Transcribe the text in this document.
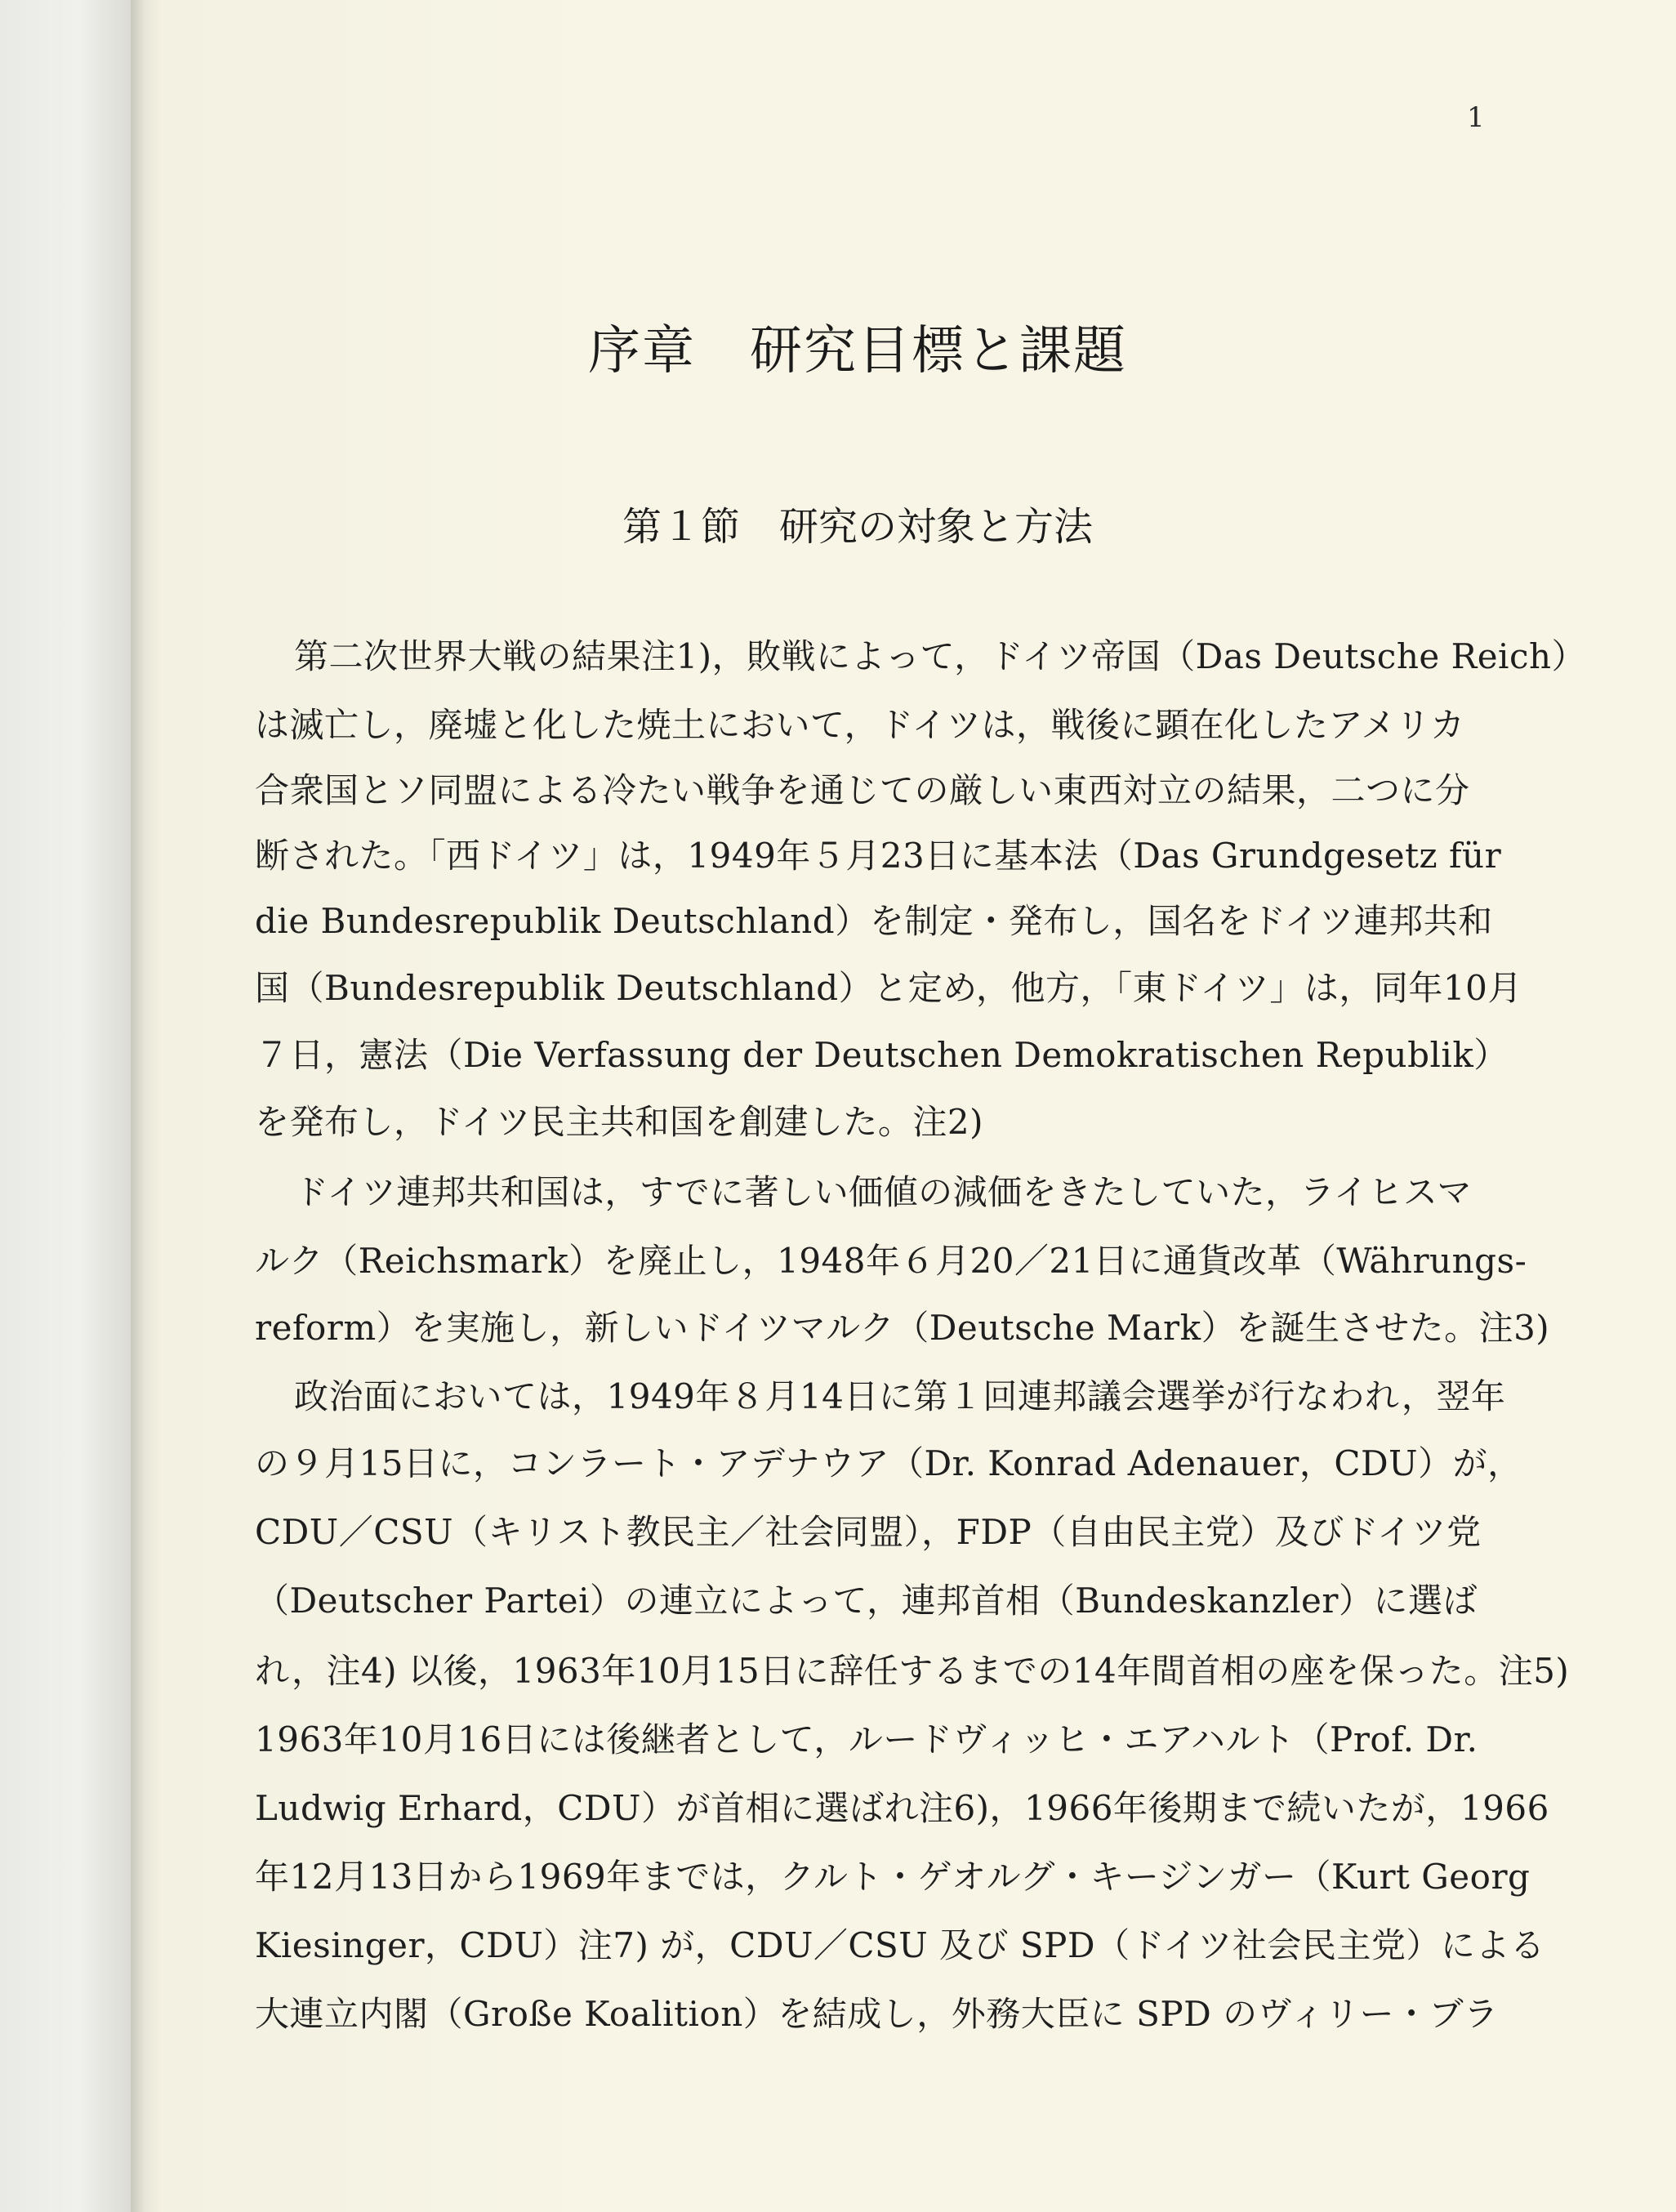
1
序章　研究目標と課題
第１節　研究の対象と方法
第二次世界大戦の結果注1)，敗戦によって，ドイツ帝国（Das Deutsche Reich）
は滅亡し，廃墟と化した焼土において，ドイツは，戦後に顕在化したアメリカ
合衆国とソ同盟による冷たい戦争を通じての厳しい東西対立の結果，二つに分
断された。「西ドイツ」は，1949年５月23日に基本法（Das Grundgesetz für
die Bundesrepublik Deutschland）を制定・発布し，国名をドイツ連邦共和
国（Bundesrepublik Deutschland）と定め，他方，「東ドイツ」は，同年10月
７日，憲法（Die Verfassung der Deutschen Demokratischen Republik）
を発布し，ドイツ民主共和国を創建した。注2)
ドイツ連邦共和国は，すでに著しい価値の減価をきたしていた，ライヒスマ
ルク（Reichsmark）を廃止し，1948年６月20／21日に通貨改革（Währungs-
reform）を実施し，新しいドイツマルク（Deutsche Mark）を誕生させた。注3)
政治面においては，1949年８月14日に第１回連邦議会選挙が行なわれ，翌年
の９月15日に，コンラート・アデナウア（Dr. Konrad Adenauer，CDU）が，
CDU／CSU（キリスト教民主／社会同盟），FDP（自由民主党）及びドイツ党
（Deutscher Partei）の連立によって，連邦首相（Bundeskanzler）に選ば
れ，注4) 以後，1963年10月15日に辞任するまでの14年間首相の座を保った。注5)
1963年10月16日には後継者として，ルードヴィッヒ・エアハルト（Prof. Dr.
Ludwig Erhard，CDU）が首相に選ばれ注6)，1966年後期まで続いたが，1966
年12月13日から1969年までは，クルト・ゲオルグ・キージンガー（Kurt Georg
Kiesinger，CDU）注7) が，CDU／CSU 及び SPD（ドイツ社会民主党）による
大連立内閣（Große Koalition）を結成し，外務大臣に SPD のヴィリー・ブラ
